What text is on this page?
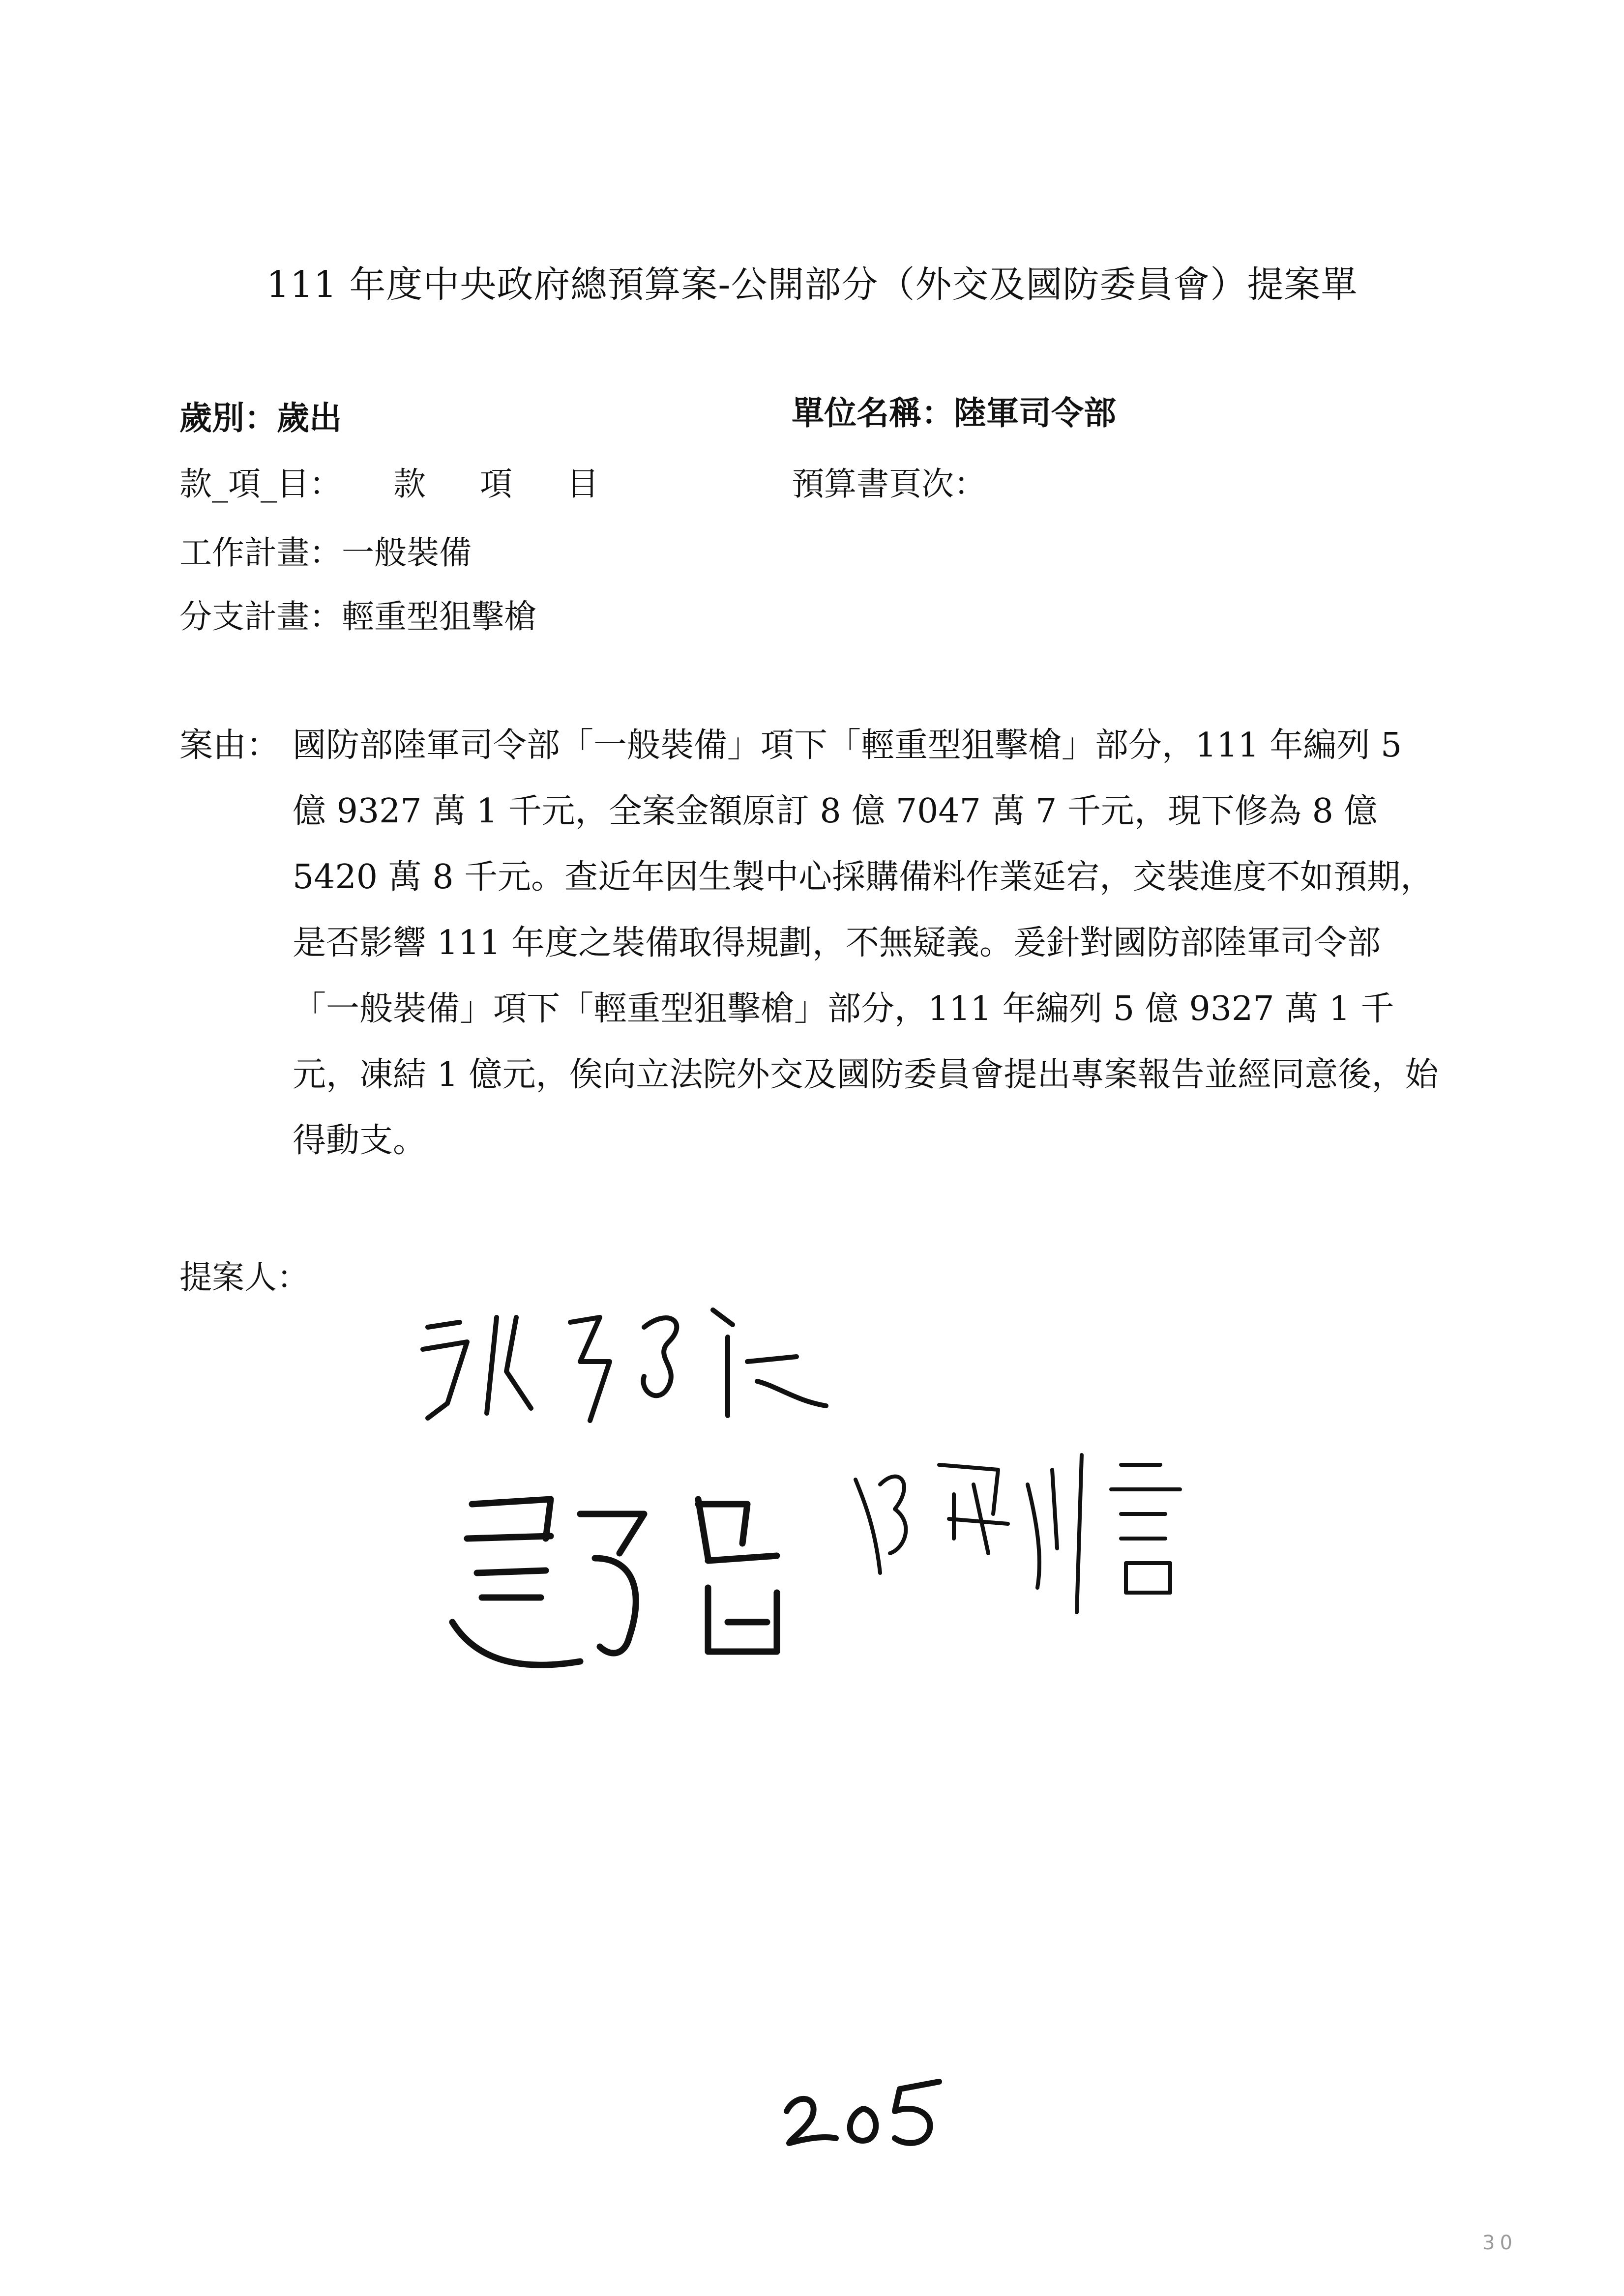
111 年度中央政府總預算案-公開部分（外交及國防委員會）提案單
歲別：歲出	單位名稱：陸軍司令部
款_項_目： 款 項 目	預算書頁次：
工作計畫：一般裝備
分支計畫：輕重型狙擊槍
案由： 國防部陸軍司令部「一般裝備」項下「輕重型狙擊槍」部分，111 年編列 5 億 9327 萬 1 千元，全案金額原訂 8 億 7047 萬 7 千元，現下修為 8 億 5420 萬 8 千元。查近年因生製中心採購備料作業延宕，交裝進度不如預期，是否影響 111 年度之裝備取得規劃，不無疑義。爰針對國防部陸軍司令部「一般裝備」項下「輕重型狙擊槍」部分，111 年編列 5 億 9327 萬 1 千元，凍結 1 億元，俟向立法院外交及國防委員會提出專案報告並經同意後，始得動支。
提案人：
30
